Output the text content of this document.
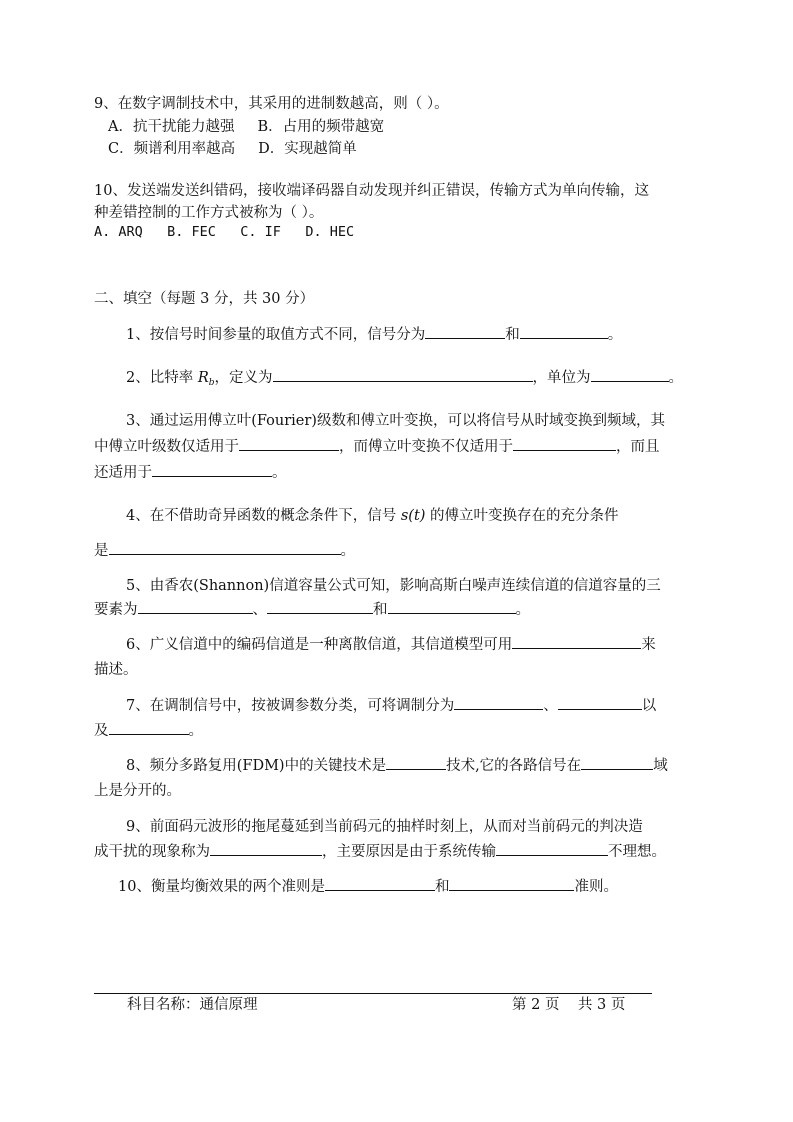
9、在数字调制技术中，其采用的进制数越高，则（ ）。
A．抗干扰能力越强     B．占用的频带越宽
C．频谱利用率越高     D．实现越简单
10、发送端发送纠错码，接收端译码器自动发现并纠正错误，传输方式为单向传输，这
种差错控制的工作方式被称为（ ）。
A. ARQ   B. FEC   C. IF   D. HEC
二、填空（每题 3 分，共 30 分）
1、按信号时间参量的取值方式不同，信号分为	和	。
2、比特率 $R_b$，定义为	，单位为	。
3、通过运用傅立叶(Fourier)级数和傅立叶变换，可以将信号从时域变换到频域，其
中傅立叶级数仅适用于	，而傅立叶变换不仅适用于	，而且
还适用于	。
4、在不借助奇异函数的概念条件下，信号 s(t) 的傅立叶变换存在的充分条件
是	。
5、由香农(Shannon)信道容量公式可知，影响高斯白噪声连续信道的信道容量的三
要素为	、	和	。
6、广义信道中的编码信道是一种离散信道，其信道模型可用	来
描述。
7、在调制信号中，按被调参数分类，可将调制分为	、	以
及	。
8、频分多路复用(FDM)中的关键技术是	技术,它的各路信号在	域
上是分开的。
9、前面码元波形的拖尾蔓延到当前码元的抽样时刻上，从而对当前码元的判决造
成干扰的现象称为	，主要原因是由于系统传输	不理想。
10、衡量均衡效果的两个准则是	和	准则。
科目名称：通信原理	第 2 页    共 3 页
